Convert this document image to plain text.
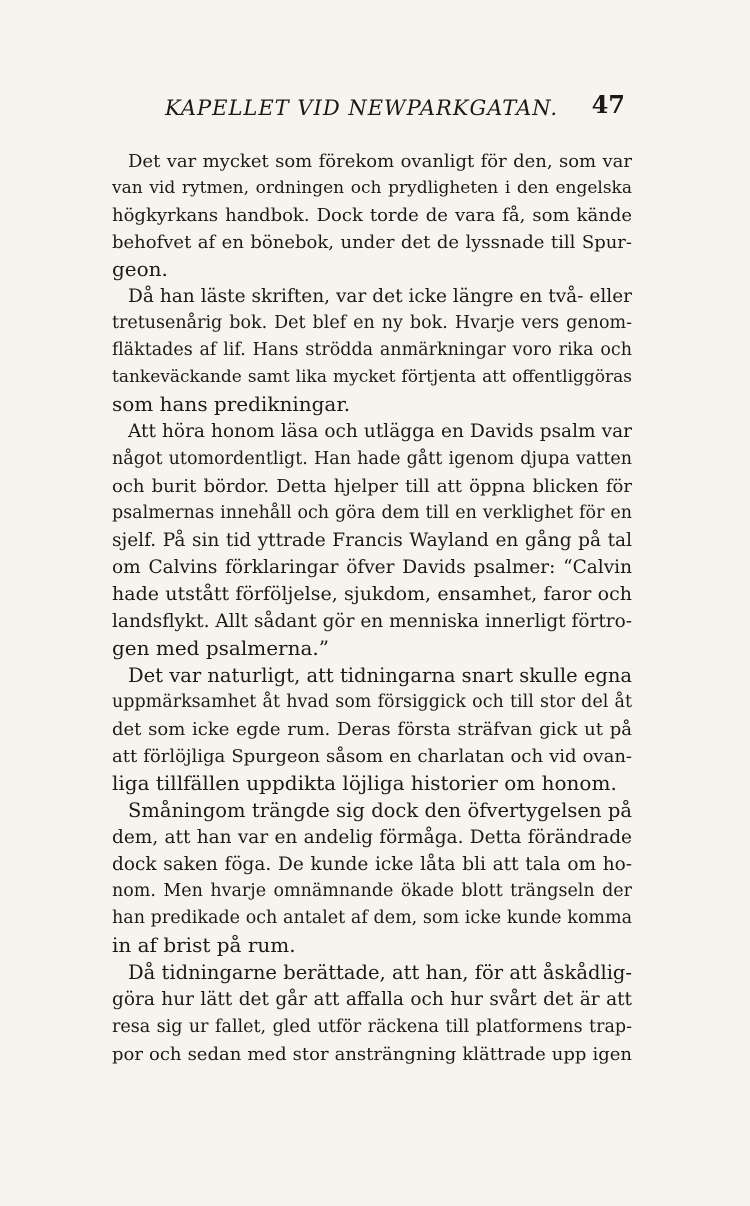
KAPELLET VID NEWPARKGATAN. 47
Det var mycket som förekom ovanligt för den, som var
van vid rytmen, ordningen och prydligheten i den engelska
högkyrkans handbok. Dock torde de vara få, som kände
behofvet af en bönebok, under det de lyssnade till Spur-
geon.
Då han läste skriften, var det icke längre en två- eller
tretusenårig bok. Det blef en ny bok. Hvarje vers genom-
fläktades af lif. Hans strödda anmärkningar voro rika och
tankeväckande samt lika mycket förtjenta att offentliggöras
som hans predikningar.
Att höra honom läsa och utlägga en Davids psalm var
något utomordentligt. Han hade gått igenom djupa vatten
och burit bördor. Detta hjelper till att öppna blicken för
psalmernas innehåll och göra dem till en verklighet för en
sjelf. På sin tid yttrade Francis Wayland en gång på tal
om Calvins förklaringar öfver Davids psalmer: “Calvin
hade utstått förföljelse, sjukdom, ensamhet, faror och
landsflykt. Allt sådant gör en menniska innerligt förtro-
gen med psalmerna.”
Det var naturligt, att tidningarna snart skulle egna
uppmärksamhet åt hvad som försiggick och till stor del åt
det som icke egde rum. Deras första sträfvan gick ut på
att förlöjliga Spurgeon såsom en charlatan och vid ovan-
liga tillfällen uppdikta löjliga historier om honom.
Småningom trängde sig dock den öfvertygelsen på
dem, att han var en andelig förmåga. Detta förändrade
dock saken föga. De kunde icke låta bli att tala om ho-
nom. Men hvarje omnämnande ökade blott trängseln der
han predikade och antalet af dem, som icke kunde komma
in af brist på rum.
Då tidningarne berättade, att han, för att åskådlig-
göra hur lätt det går att affalla och hur svårt det är att
resa sig ur fallet, gled utför räckena till platformens trap-
por och sedan med stor ansträngning klättrade upp igen
